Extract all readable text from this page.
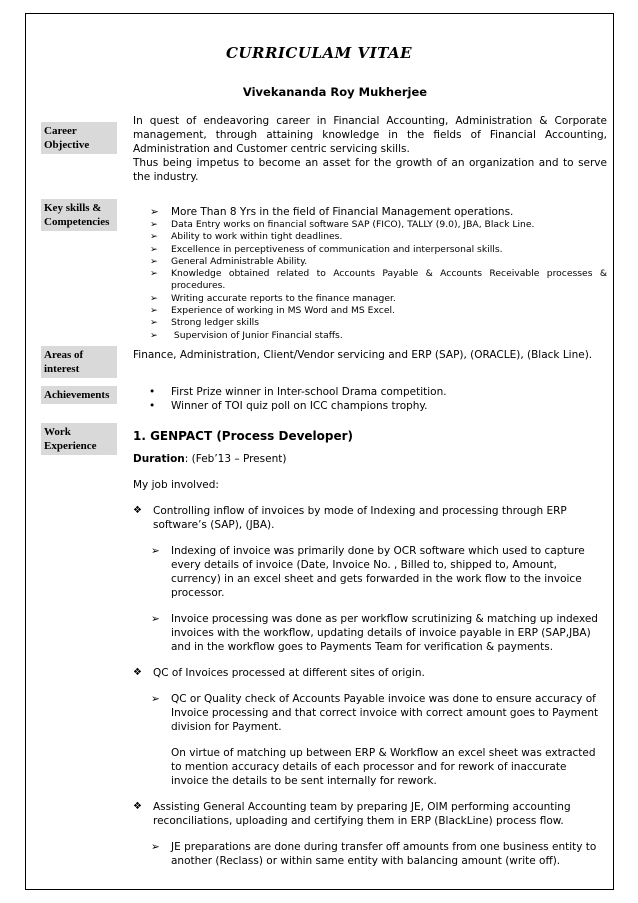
CURRICULAM VITAE
Vivekananda Roy Mukherjee
Career Objective
In quest of endeavoring career in Financial Accounting, Administration & Corporate management, through attaining knowledge in the fields of Financial Accounting, Administration and Customer centric servicing skills.
Thus being impetus to become an asset for the growth of an organization and to serve the industry.
Key skills & Competencies
➢ More Than 8 Yrs in the field of Financial Management operations.
➢ Data Entry works on financial software SAP (FICO), TALLY (9.0), JBA, Black Line.
➢ Ability to work within tight deadlines.
➢ Excellence in perceptiveness of communication and interpersonal skills.
➢ General Administrable Ability.
➢ Knowledge obtained related to Accounts Payable & Accounts Receivable processes & procedures.
➢ Writing accurate reports to the finance manager.
➢ Experience of working in MS Word and MS Excel.
➢ Strong ledger skills
➢ Supervision of Junior Financial staffs.
Areas of interest
Finance, Administration, Client/Vendor servicing and ERP (SAP), (ORACLE), (Black Line).
Achievements	• First Prize winner in Inter-school Drama competition.
• Winner of TOI quiz poll on ICC champions trophy.
Work Experience
1. GENPACT (Process Developer)
Duration: (Feb’13 – Present)
My job involved:
❖ Controlling inflow of invoices by mode of Indexing and processing through ERP software’s (SAP), (JBA).
➢ Indexing of invoice was primarily done by OCR software which used to capture every details of invoice (Date, Invoice No. , Billed to, shipped to, Amount, currency) in an excel sheet and gets forwarded in the work flow to the invoice processor.
➢ Invoice processing was done as per workflow scrutinizing & matching up indexed invoices with the workflow, updating details of invoice payable in ERP (SAP,JBA) and in the workflow goes to Payments Team for verification & payments.
❖ QC of Invoices processed at different sites of origin.
➢ QC or Quality check of Accounts Payable invoice was done to ensure accuracy of Invoice processing and that correct invoice with correct amount goes to Payment division for Payment.
On virtue of matching up between ERP & Workflow an excel sheet was extracted to mention accuracy details of each processor and for rework of inaccurate invoice the details to be sent internally for rework.
❖ Assisting General Accounting team by preparing JE, OIM performing accounting reconciliations, uploading and certifying them in ERP (BlackLine) process flow.
➢ JE preparations are done during transfer off amounts from one business entity to another (Reclass) or within same entity with balancing amount (write off).
